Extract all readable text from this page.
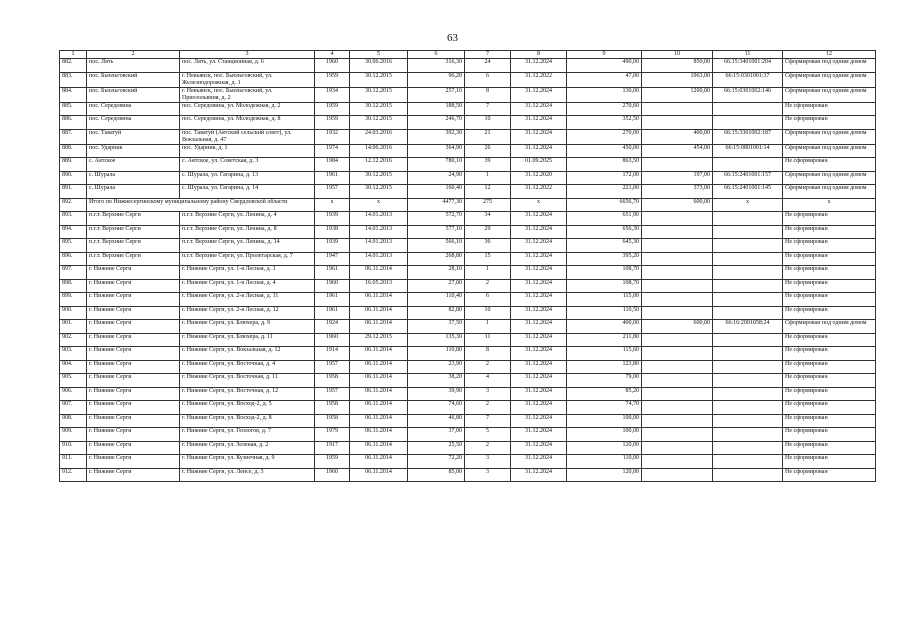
63
1	2	3	4	5	6	7	8	9	10	11	12
882.	пос. Лять	пос. Лять, ул. Станционная, д. 6	1960	30.06.2016	316,30	24	31.12.2024	490,00	850,00	66:15:3401001:204	Сформирован под одним домом
883.	пос. Бьюльговский	г. Невьянск, пос. Бьюльговский, ул. Железнодорожная, д. 1	1959	30.12.2015	96,20	6	31.12.2022	47,00	1963,00	66:15:0301001:37	Сформирован под одним домом
884.	пос. Бьюльговский	г. Невьянск, пос. Бьюльговский, ул. Приозольвиня, д. 2	1934	30.12.2015	257,10	8	31.12.2024	130,00	1200,00	66:15:0301002:146	Сформирован под одним домом
885.	пос. Середовина	пос. Середовина, ул. Молодежная, д. 2	1959	30.12.2015	188,50	7	31.12.2024	270,60			Не сформирован
886.	пос. Середовина	пос. Середовина, ул. Молодежная, д. 8	1959	30.12.2015	246,70	10	31.12.2024	352,50			Не сформирован
887.	пос. Таватуй	пос. Таватуй (Аятский сельский совет), ул. Вокзальная, д. 47	1932	24.03.2016	392,30	21	31.12.2024	270,00	400,00	66:15:3301002:187	Сформирован под одним домом
888.	пос. Ударник	пос. Ударник, д. 1	1974	14.06.2016	364,90	26	31.12.2024	450,00	454,00	66:15:0801001:14	Сформирован под одним домом
889.	с. Аятское	с. Аятское, ул. Советская, д. 3	1984	12.12.2016	780,10	39	01.09.2025	863,50			Не сформирован
890.	с. Шурала	с. Шурала, ул. Гагарина, д. 13	1961	30.12.2015	24,90	1	31.12.2020	172,00	197,00	66:15:2401001:157	Сформирован под одним домом
891.	с. Шурала	с. Шурала, ул. Гагарина, д. 14	1957	30.12.2015	160,40	12	31.12.2022	221,00	373,00	66:15:2401001:145	Сформирован под одним домом
892.	Итого по Нижнесергинскому муниципальному району Свердловской области		x	x	4477,30	275	x	6656,70	600,00	x	x
893.	п.г.т. Верхние Серги	п.г.т. Верхние Серги, ул. Ленина, д. 4	1939	14.01.2013	572,70	34	31.12.2024	651,90			Не сформирован
894.	п.г.т. Верхние Серги	п.г.т. Верхние Серги, ул. Ленина, д. 8	1938	14.01.2013	577,10	29	31.12.2024	656,30			Не сформирован
895.	п.г.т. Верхние Серги	п.г.т. Верхние Серги, ул. Ленина, д. 14	1939	14.01.2013	566,10	36	31.12.2024	645,30			Не сформирован
896.	п.г.т. Верхние Серги	п.г.т. Верхние Серги, ул. Пролетарская, д. 7	1947	14.01.2013	268,80	15	31.12.2024	395,20			Не сформирован
897.	г. Нижние Серги	г. Нижние Серги, ул. 1-я Лесная, д. 1	1961	06.11.2014	28,10	1	31.12.2024	108,70			Не сформирован
898.	г. Нижние Серги	г. Нижние Серги, ул. 1-я Лесная, д. 4	1960	16.05.2013	27,00	2	31.12.2024	108,70			Не сформирован
899.	г. Нижние Серги	г. Нижние Серги, ул. 2-я Лесная, д. 11	1961	06.11.2014	110,40	6	31.12.2024	115,00			Не сформирован
900.	г. Нижние Серги	г. Нижние Серги, ул. 2-я Лесная, д. 12	1961	06.11.2014	82,80	10	31.12.2024	110,50			Не сформирован
901.	г. Нижние Серги	г. Нижние Серги, ул. Блюхера, д. 9	1924	06.11.2014	37,50	1	31.12.2024	400,00	600,00	66:16:2001058:24	Сформирован под одним домом
902.	г. Нижние Серги	г. Нижние Серги, ул. Блюхера, д. 11	1960	29.12.2015	135,30	11	31.12.2024	211,80			Не сформирован
903.	г. Нижние Серги	г. Нижние Серги, ул. Вокзальная, д. 12	1914	06.11.2014	110,80	8	31.12.2024	115,60			Не сформирован
904.	г. Нижние Серги	г. Нижние Серги, ул. Восточная, д. 4	1957	06.11.2014	23,90	2	31.12.2024	123,80			Не сформирован
905.	г. Нижние Серги	г. Нижние Серги, ул. Восточная, д. 11	1958	06.11.2014	38,20	4	31.12.2024	79,00			Не сформирован
906.	г. Нижние Серги	г. Нижние Серги, ул. Восточная, д. 12	1957	06.11.2014	39,90	3	31.12.2024	85,20			Не сформирован
907.	г. Нижние Серги	г. Нижние Серги, ул. Восход-2, д. 5	1958	06.11.2014	74,60	2	31.12.2024	74,70			Не сформирован
908.	г. Нижние Серги	г. Нижние Серги, ул. Восход-2, д. 8	1958	06.11.2014	46,80	7	31.12.2024	100,00			Не сформирован
909.	г. Нижние Серги	г. Нижние Серги, ул. Геологов, д. 7	1979	06.11.2014	37,00	5	31.12.2024	100,00			Не сформирован
910.	г. Нижние Серги	г. Нижние Серги, ул. Зеленая, д. 2	1917	06.11.2014	25,50	2	31.12.2024	120,00			Не сформирован
911.	г. Нижние Серги	г. Нижние Серги, ул. Кузнечная, д. 9	1959	06.11.2014	72,20	3	31.12.2024	110,00			Не сформирован
912.	г. Нижние Серги	г. Нижние Серги, ул. Ленсе, д. 3	1960	06.11.2014	85,00	3	31.12.2024	120,00			Не сформирован
